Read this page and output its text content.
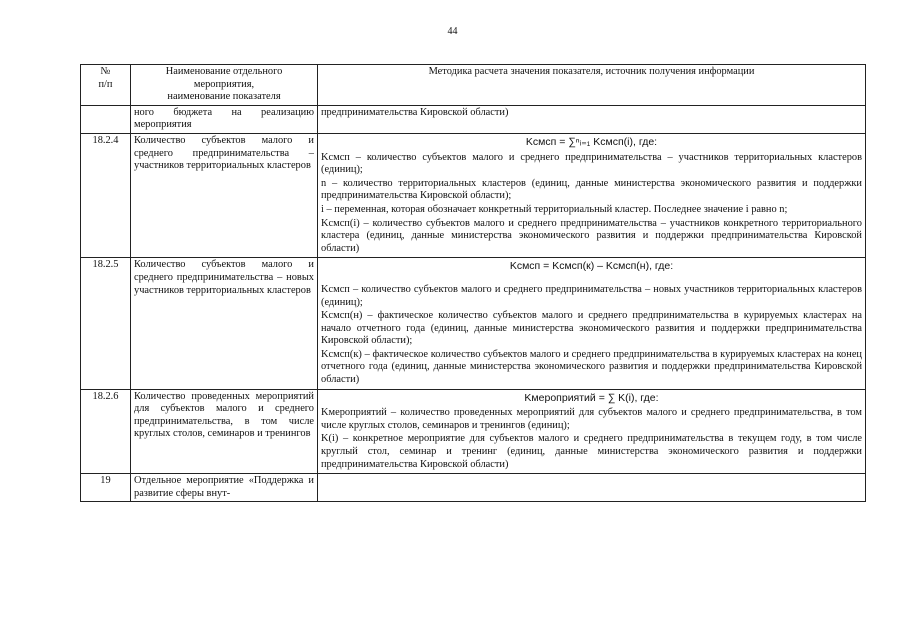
44
№
п/п	Наименование отдельного
мероприятия,
наименование показателя	Методика расчета значения показателя, источник получения информации
	ного бюджета на реализацию мероприятия	предпринимательства Кировской области)

18.2.4	Количество субъектов малого и среднего предпринимательства – участников территориальных кластеров	Kсмсп = ∑ⁿᵢ₌₁ Kсмсп(i), где:

Kсмсп – количество субъектов малого и среднего предпринимательства – участников территориальных кластеров (единиц);

n – количество территориальных кластеров (единиц, данные министерства экономического развития и поддержки предпринимательства Кировской области);

i – переменная, которая обозначает конкретный территориальный кластер. Последнее значение i равно n;

Kсмсп(i) – количество субъектов малого и среднего предпринимательства – участников конкретного территориального кластера (единиц, данные министерства экономического развития и поддержки предпринимательства Кировской области)

18.2.5	Количество субъектов малого и среднего предпринимательства – новых участников территориальных кластеров	Kсмсп = Kсмсп(к) – Kсмсп(н), где:

Kсмсп – количество субъектов малого и среднего предпринимательства – новых участников территориальных кластеров (единиц);

Kсмсп(н) – фактическое количество субъектов малого и среднего предпринимательства в курируемых кластерах на начало отчетного года (единиц, данные министерства экономического развития и поддержки предпринимательства Кировской области);

Kсмсп(к) – фактическое количество субъектов малого и среднего предпринимательства в курируемых кластерах на конец отчетного года (единиц, данные министерства экономического развития и поддержки предпринимательства Кировской области)

18.2.6	Количество проведенных мероприятий для субъектов малого и среднего предпринимательства, в том числе круглых столов, семинаров и тренингов	Kмероприятий = ∑ K(i), где:

Kмероприятий – количество проведенных мероприятий для субъектов малого и среднего предпринимательства, в том числе круглых столов, семинаров и тренингов (единиц);

K(i) – конкретное мероприятие для субъектов малого и среднего предпринимательства в текущем году, в том числе круглый стол, семинар и тренинг (единиц, данные министерства экономического развития и поддержки предпринимательства Кировской области)

19	Отдельное мероприятие «Поддержка и развитие сферы внут-	
